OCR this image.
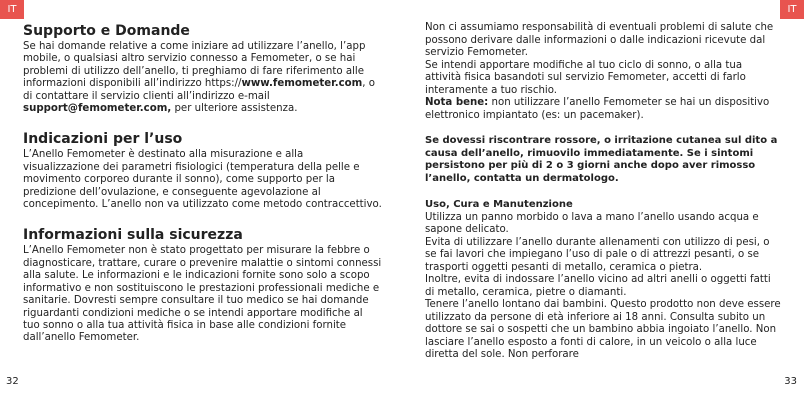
IT	IT
Supporto e Domande
Se hai domande relative a come iniziare ad utilizzare l’anello, l’app mobile, o qualsiasi altro servizio connesso a Femometer, o se hai problemi di utilizzo dell’anello, ti preghiamo di fare riferimento alle informazioni disponibili all’indirizzo https://www.femometer.com, o di contattare il servizio clienti all’indirizzo e-mail support@femometer.com, per ulteriore assistenza.
Indicazioni per l’uso
L’Anello Femometer è destinato alla misurazione e alla visualizzazione dei parametri fisiologici (temperatura della pelle e movimento corporeo durante il sonno), come supporto per la predizione dell’ovulazione, e conseguente agevolazione al concepimento. L’anello non va utilizzato come metodo contraccettivo.
Informazioni sulla sicurezza
L’Anello Femometer non è stato progettato per misurare la febbre o diagnosticare, trattare, curare o prevenire malattie o sintomi connessi alla salute. Le informazioni e le indicazioni fornite sono solo a scopo informativo e non sostituiscono le prestazioni professionali mediche e sanitarie. Dovresti sempre consultare il tuo medico se hai domande riguardanti condizioni mediche o se intendi apportare modifiche al tuo sonno o alla tua attività fisica in base alle condizioni fornite dall’anello Femometer.
Non ci assumiamo responsabilità di eventuali problemi di salute che possono derivare dalle informazioni o dalle indicazioni ricevute dal servizio Femometer.
Se intendi apportare modifiche al tuo ciclo di sonno, o alla tua attività fisica basandoti sul servizio Femometer, accetti di farlo interamente a tuo rischio.
Nota bene: non utilizzare l’anello Femometer se hai un dispositivo elettronico impiantato (es: un pacemaker).
Se dovessi riscontrare rossore, o irritazione cutanea sul dito a causa dell’anello, rimuovilo immediatamente. Se i sintomi persistono per più di 2 o 3 giorni anche dopo aver rimosso l’anello, contatta un dermatologo.
Uso, Cura e Manutenzione
Utilizza un panno morbido o lava a mano l’anello usando acqua e sapone delicato.
Evita di utilizzare l’anello durante allenamenti con utilizzo di pesi, o se fai lavori che impiegano l’uso di pale o di attrezzi pesanti, o se trasporti oggetti pesanti di metallo, ceramica o pietra.
Inoltre, evita di indossare l’anello vicino ad altri anelli o oggetti fatti di metallo, ceramica, pietre o diamanti.
Tenere l’anello lontano dai bambini. Questo prodotto non deve essere utilizzato da persone di età inferiore ai 18 anni. Consulta subito un dottore se sai o sospetti che un bambino abbia ingoiato l’anello. Non lasciare l’anello esposto a fonti di calore, in un veicolo o alla luce diretta del sole. Non perforare
32	33
